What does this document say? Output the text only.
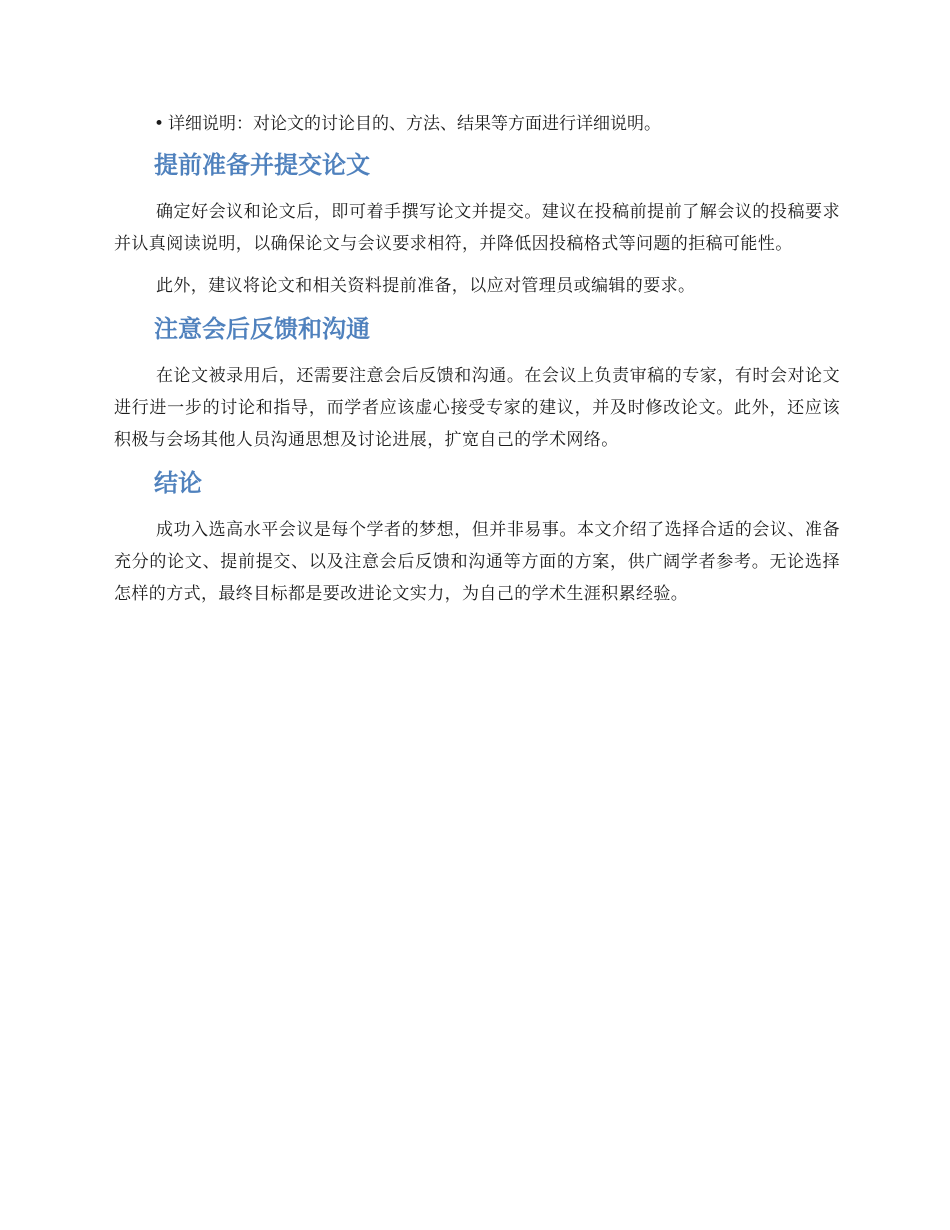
• 详细说明：对论文的讨论目的、方法、结果等方面进行详细说明。
提前准备并提交论文

确定好会议和论文后，即可着手撰写论文并提交。建议在投稿前提前了解会议的投稿要求并认真阅读说明，以确保论文与会议要求相符，并降低因投稿格式等问题的拒稿可能性。

此外，建议将论文和相关资料提前准备，以应对管理员或编辑的要求。

注意会后反馈和沟通

在论文被录用后，还需要注意会后反馈和沟通。在会议上负责审稿的专家，有时会对论文进行进一步的讨论和指导，而学者应该虚心接受专家的建议，并及时修改论文。此外，还应该积极与会场其他人员沟通思想及讨论进展，扩宽自己的学术网络。

结论

成功入选高水平会议是每个学者的梦想，但并非易事。本文介绍了选择合适的会议、准备充分的论文、提前提交、以及注意会后反馈和沟通等方面的方案，供广阔学者参考。无论选择怎样的方式，最终目标都是要改进论文实力，为自己的学术生涯积累经验。
